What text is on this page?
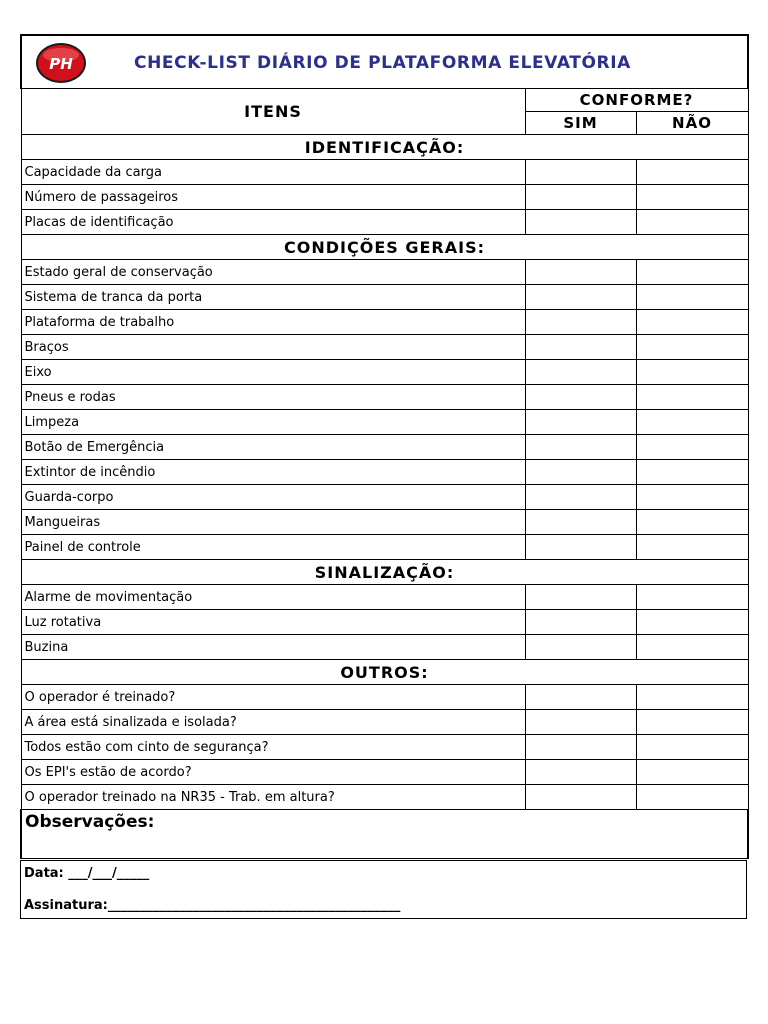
PH CHECK-LIST DIÁRIO DE PLATAFORMA ELEVATÓRIA		

ITENS	CONFORME?	
	SIM	NÃO
IDENTIFICAÇÃO:		
Capacidade da carga		
Número de passageiros		
Placas de identificação		
CONDIÇÕES GERAIS:		
Estado geral de conservação		
Sistema de tranca da porta		
Plataforma de trabalho		
Braços		
Eixo		
Pneus e rodas		
Limpeza		
Botão de Emergência		
Extintor de incêndio		
Guarda-corpo		
Mangueiras		
Painel de controle		
SINALIZAÇÃO:		
Alarme de movimentação		
Luz rotativa		
Buzina		
OUTROS:		
O operador é treinado?		
A área está sinalizada e isolada?		
Todos estão com cinto de segurança?		
Os EPI's estão de acordo?		
O operador treinado na NR35 - Trab. em altura?		

Observações:		
Data: ___/___/_____
Assinatura:_____________________________________________
